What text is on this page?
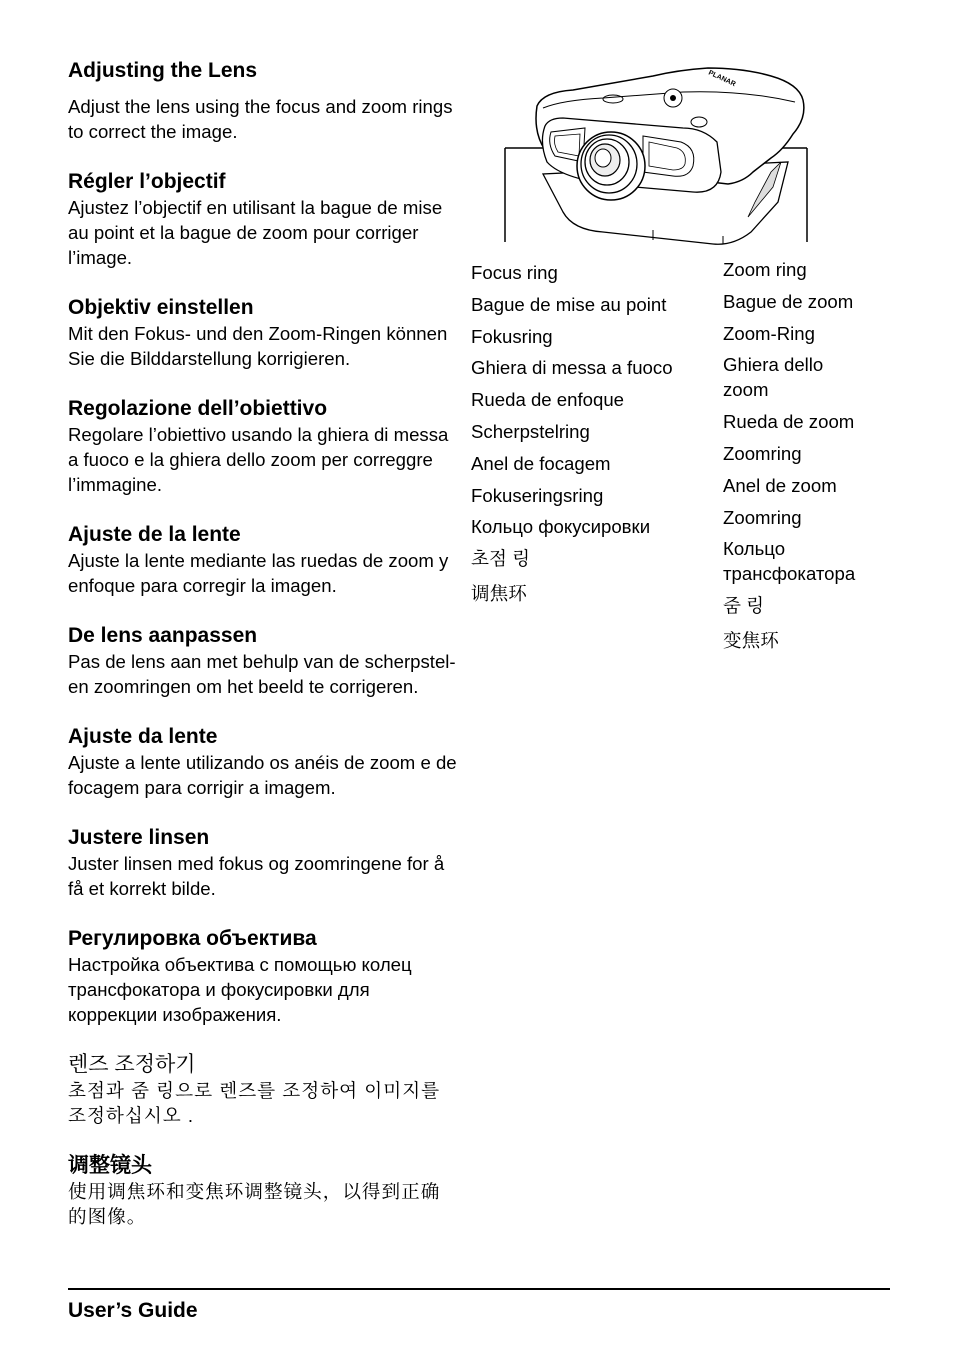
Adjusting the Lens

Adjust the lens using the focus and zoom rings to correct the image.

Régler l’objectif

Ajustez l’objectif en utilisant la bague de mise au point et la bague de zoom pour corriger l’image.

Objektiv einstellen

Mit den Fokus- und den Zoom-Ringen können Sie die Bilddarstellung korrigieren.

Regolazione dell’obiettivo

Regolare l’obiettivo usando la ghiera di messa a fuoco e la ghiera dello zoom per correggre l’immagine.

Ajuste de la lente

Ajuste la lente mediante las ruedas de zoom y enfoque para corregir la imagen.

De lens aanpassen

Pas de lens aan met behulp van de scherpstel- en zoomringen om het beeld te corrigeren.

Ajuste da lente

Ajuste a lente utilizando os anéis de zoom e de focagem para corrigir a imagem.

Justere linsen

Juster linsen med fokus og zoomringene for å få et korrekt bilde.

Регулировка объектива

Настройка объектива с помощью колец трансфокатора и фокусировки для коррекции изображения.

렌즈 조정하기

초점과 줌 링으로 렌즈를 조정하여 이미지를 조정하십시오 .

调整镜头

使用调焦环和变焦环调整镜头，以得到正确的图像。

PLANAR

Focus ring

Bague de mise au point

Fokusring

Ghiera di messa a fuoco

Rueda de enfoque

Scherpstelring

Anel de focagem

Fokuseringsring

Кольцо фокусировки

초점 링

调焦环

Zoom ring

Bague de zoom

Zoom-Ring

Ghiera dello zoom

Rueda de zoom

Zoomring

Anel de zoom

Zoomring

Кольцо трансфокатора

줌 링

变焦环

User’s Guide
